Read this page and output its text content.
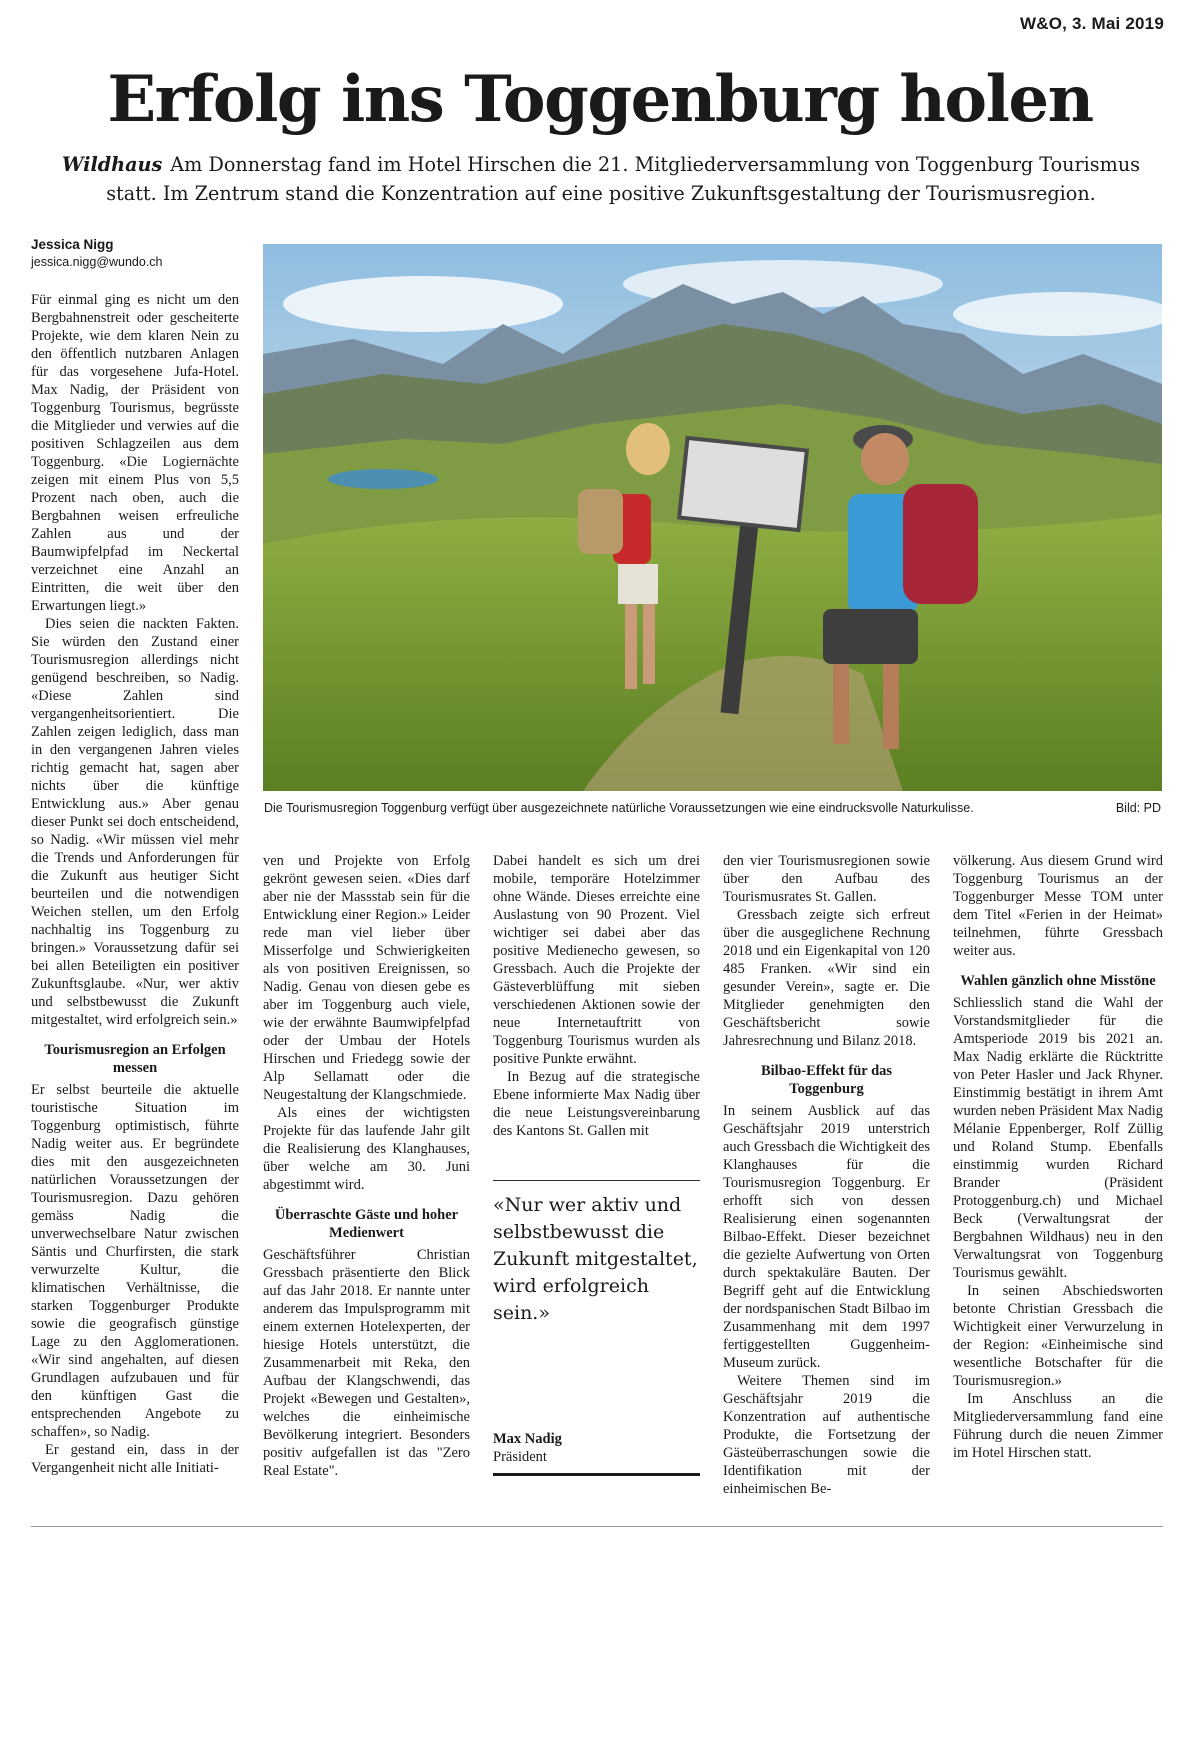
W&O, 3. Mai 2019
Erfolg ins Toggenburg holen

Wildhaus Am Donnerstag fand im Hotel Hirschen die 21. Mitgliederversammlung von Toggenburg Tourismus statt. Im Zentrum stand die Konzentration auf eine positive Zukunftsgestaltung der Tourismusregion.

Jessica Nigg
jessica.nigg@wundo.ch
Die Tourismusregion Toggenburg verfügt über ausgezeichnete natürliche Voraussetzungen wie eine eindrucksvolle Naturkulisse.	Bild: PD

Für einmal ging es nicht um den Bergbahnenstreit oder gescheiterte Projekte, wie dem klaren Nein zu den öffentlich nutzbaren Anlagen für das vorgesehene Jufa-Hotel. Max Nadig, der Präsident von Toggenburg Tourismus, begrüsste die Mitglieder und verwies auf die positiven Schlagzeilen aus dem Toggenburg. «Die Logiernächte zeigen mit einem Plus von 5,5 Prozent nach oben, auch die Bergbahnen weisen erfreuliche Zahlen aus und der Baumwipfelpfad im Neckertal verzeichnet eine Anzahl an Eintritten, die weit über den Erwartungen liegt.»

Dies seien die nackten Fakten. Sie würden den Zustand einer Tourismusregion allerdings nicht genügend beschreiben, so Nadig. «Diese Zahlen sind vergangenheitsorientiert. Die Zahlen zeigen lediglich, dass man in den vergangenen Jahren vieles richtig gemacht hat, sagen aber nichts über die künftige Entwicklung aus.» Aber genau dieser Punkt sei doch entscheidend, so Nadig. «Wir müssen viel mehr die Trends und Anforderungen für die Zukunft aus heutiger Sicht beurteilen und die notwendigen Weichen stellen, um den Erfolg nachhaltig ins Toggenburg zu bringen.» Voraussetzung dafür sei bei allen Beteiligten ein positiver Zukunftsglaube. «Nur, wer aktiv und selbstbewusst die Zukunft mitgestaltet, wird erfolgreich sein.»

Tourismusregion an Erfolgen messen

Er selbst beurteile die aktuelle touristische Situation im Toggenburg optimistisch, führte Nadig weiter aus. Er begründete dies mit den ausgezeichneten natürlichen Voraussetzungen der Tourismusregion. Dazu gehören gemäss Nadig die unverwechselbare Natur zwischen Säntis und Churfirsten, die stark verwurzelte Kultur, die klimatischen Verhältnisse, die starken Toggenburger Produkte sowie die geografisch günstige Lage zu den Agglomerationen. «Wir sind angehalten, auf diesen Grundlagen aufzubauen und für den künftigen Gast die entsprechenden Angebote zu schaffen», so Nadig.

Er gestand ein, dass in der Vergangenheit nicht alle Initiati-

ven und Projekte von Erfolg gekrönt gewesen seien. «Dies darf aber nie der Massstab sein für die Entwicklung einer Region.» Leider rede man viel lieber über Misserfolge und Schwierigkeiten als von positiven Ereignissen, so Nadig. Genau von diesen gebe es aber im Toggenburg auch viele, wie der erwähnte Baumwipfelpfad oder der Umbau der Hotels Hirschen und Friedegg sowie der Alp Sellamatt oder die Neugestaltung der Klangschmiede.

Als eines der wichtigsten Projekte für das laufende Jahr gilt die Realisierung des Klanghauses, über welche am 30. Juni abgestimmt wird.

Überraschte Gäste und hoher Medienwert

Geschäftsführer Christian Gressbach präsentierte den Blick auf das Jahr 2018. Er nannte unter anderem das Impulsprogramm mit einem externen Hotelexperten, der hiesige Hotels unterstützt, die Zusammenarbeit mit Reka, den Aufbau der Klangschwendi, das Projekt «Bewegen und Gestalten», welches die einheimische Bevölkerung integriert. Besonders positiv aufgefallen ist das "Zero Real Estate".

Dabei handelt es sich um drei mobile, temporäre Hotelzimmer ohne Wände. Dieses erreichte eine Auslastung von 90 Prozent. Viel wichtiger sei dabei aber das positive Medienecho gewesen, so Gressbach. Auch die Projekte der Gästeverblüffung mit sieben verschiedenen Aktionen sowie der neue Internetauftritt von Toggenburg Tourismus wurden als positive Punkte erwähnt.

In Bezug auf die strategische Ebene informierte Max Nadig über die neue Leistungsvereinbarung des Kantons St. Gallen mit

«Nur wer aktiv und selbstbewusst die Zukunft mitgestaltet, wird erfolgreich sein.»

Max Nadig
Präsident

den vier Tourismusregionen sowie über den Aufbau des Tourismusrates St. Gallen.

Gressbach zeigte sich erfreut über die ausgeglichene Rechnung 2018 und ein Eigenkapital von 120 485 Franken. «Wir sind ein gesunder Verein», sagte er. Die Mitglieder genehmigten den Geschäftsbericht sowie Jahresrechnung und Bilanz 2018.

Bilbao-Effekt für das Toggenburg

In seinem Ausblick auf das Geschäftsjahr 2019 unterstrich auch Gressbach die Wichtigkeit des Klanghauses für die Tourismusregion Toggenburg. Er erhofft sich von dessen Realisierung einen sogenannten Bilbao-Effekt. Dieser bezeichnet die gezielte Aufwertung von Orten durch spektakuläre Bauten. Der Begriff geht auf die Entwicklung der nordspanischen Stadt Bilbao im Zusammenhang mit dem 1997 fertiggestellten Guggenheim-Museum zurück.

Weitere Themen sind im Geschäftsjahr 2019 die Konzentration auf authentische Produkte, die Fortsetzung der Gästeüberraschungen sowie die Identifikation mit der einheimischen Be-

völkerung. Aus diesem Grund wird Toggenburg Tourismus an der Toggenburger Messe TOM unter dem Titel «Ferien in der Heimat» teilnehmen, führte Gressbach weiter aus.

Wahlen gänzlich ohne Misstöne

Schliesslich stand die Wahl der Vorstandsmitglieder für die Amtsperiode 2019 bis 2021 an. Max Nadig erklärte die Rücktritte von Peter Hasler und Jack Rhyner. Einstimmig bestätigt in ihrem Amt wurden neben Präsident Max Nadig Mélanie Eppenberger, Rolf Züllig und Roland Stump. Ebenfalls einstimmig wurden Richard Brander (Präsident Protoggenburg.ch) und Michael Beck (Verwaltungsrat der Bergbahnen Wildhaus) neu in den Verwaltungsrat von Toggenburg Tourismus gewählt.

In seinen Abschiedsworten betonte Christian Gressbach die Wichtigkeit einer Verwurzelung in der Region: «Einheimische sind wesentliche Botschafter für die Tourismusregion.»

Im Anschluss an die Mitgliederversammlung fand eine Führung durch die neuen Zimmer im Hotel Hirschen statt.
